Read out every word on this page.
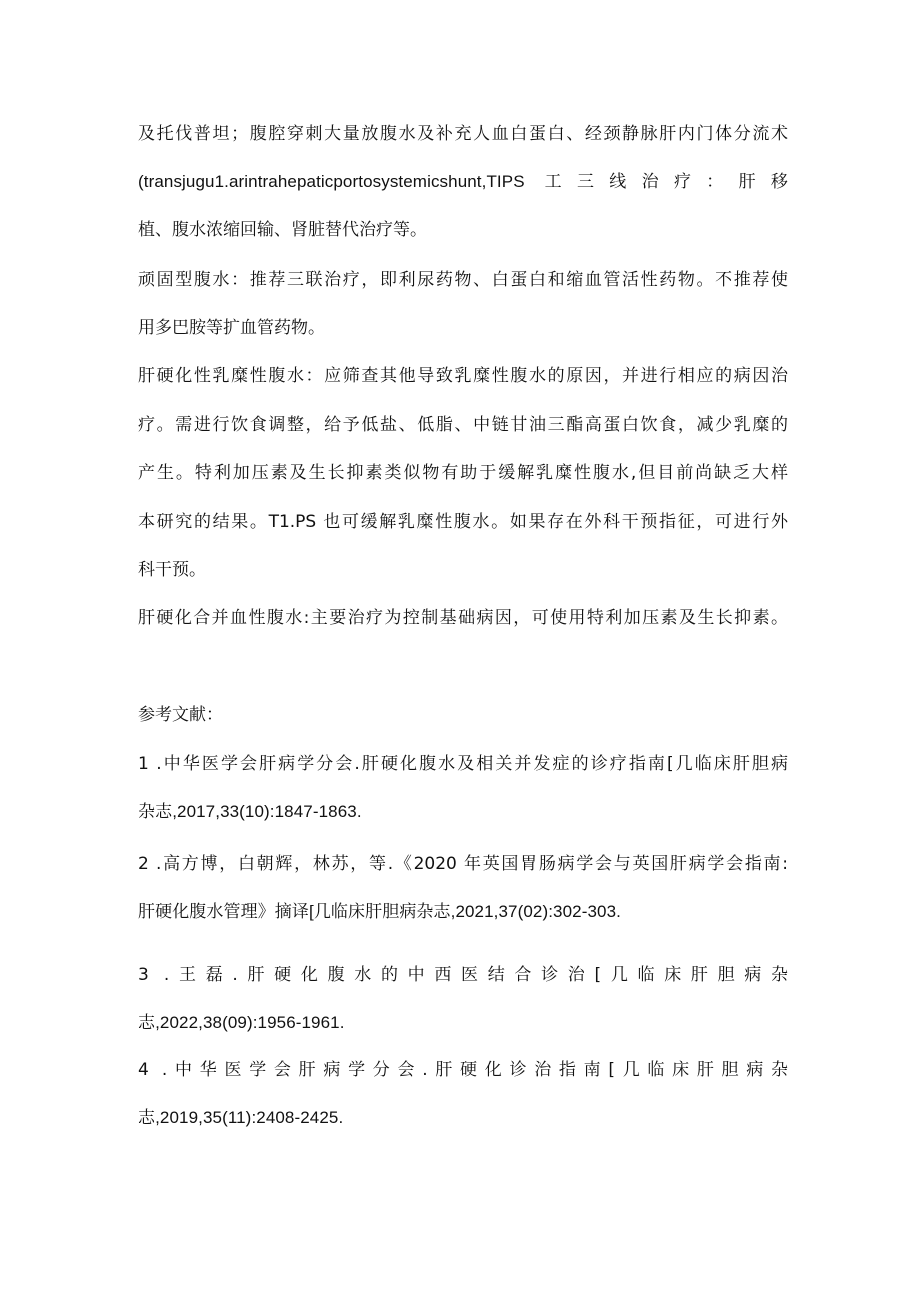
及托伐普坦；腹腔穿刺大量放腹水及补充人血白蛋白、经颈静脉肝内门体分流术
(transjugu1.arintrahepaticportosystemicshunt,TIPS 工三线治疗：肝移
植、腹水浓缩回输、肾脏替代治疗等。
顽固型腹水：推荐三联治疗，即利尿药物、白蛋白和缩血管活性药物。不推荐使
用多巴胺等扩血管药物。
肝硬化性乳糜性腹水：应筛查其他导致乳糜性腹水的原因，并进行相应的病因治
疗。需进行饮食调整，给予低盐、低脂、中链甘油三酯高蛋白饮食，减少乳糜的
产生。特利加压素及生长抑素类似物有助于缓解乳糜性腹水,但目前尚缺乏大样
本研究的结果。T1.PS 也可缓解乳糜性腹水。如果存在外科干预指征，可进行外
科干预。
肝硬化合并血性腹水:主要治疗为控制基础病因，可使用特利加压素及生长抑素。
参考文献：
1 .中华医学会肝病学分会.肝硬化腹水及相关并发症的诊疗指南[几临床肝胆病
杂志,2017,33(10):1847-1863.
2 .高方博，白朝辉，林苏，等.《2020 年英国胃肠病学会与英国肝病学会指南:
肝硬化腹水管理》摘译[几临床肝胆病杂志,2021,37(02):302-303.
3 .王磊.肝硬化腹水的中西医结合诊治[几临床肝胆病杂
志,2022,38(09):1956-1961.
4 .中华医学会肝病学分会.肝硬化诊治指南[几临床肝胆病杂
志,2019,35(11):2408-2425.
